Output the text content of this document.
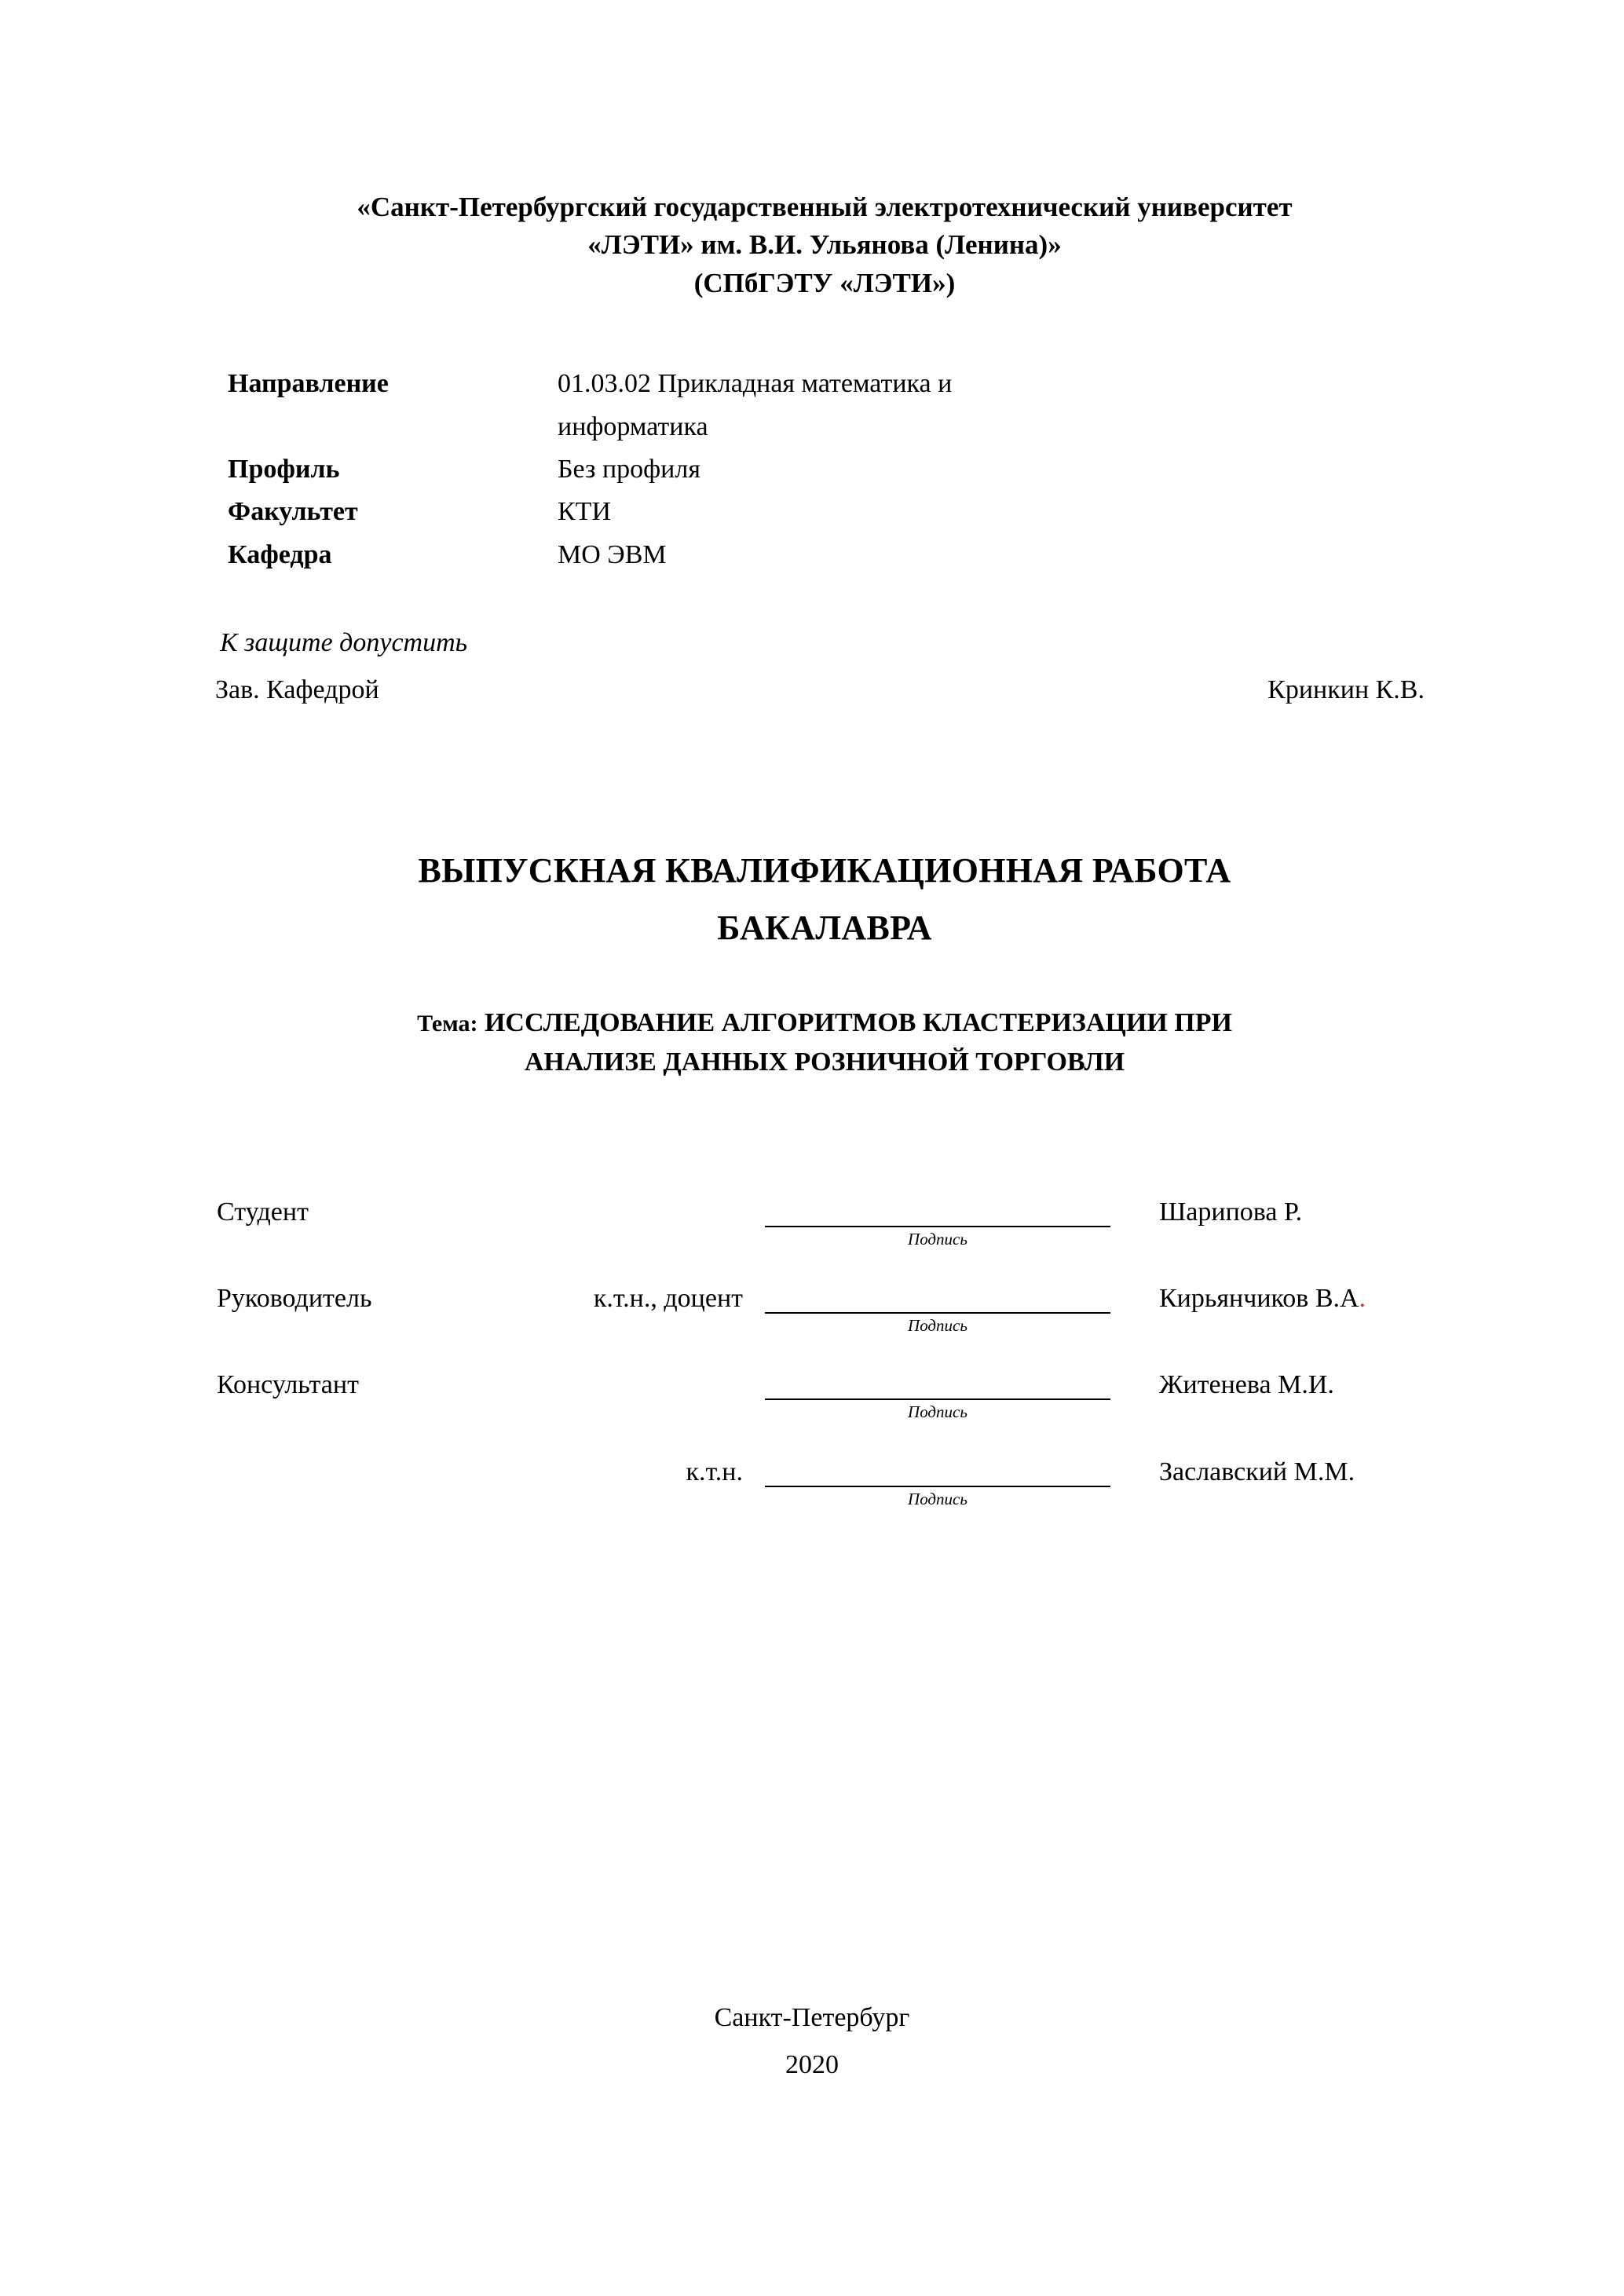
«Санкт-Петербургский государственный электротехнический университет
«ЛЭТИ» им. В.И. Ульянова (Ленина)»
(СПбГЭТУ «ЛЭТИ»)
Направление	01.03.02 Прикладная математика и
информатика

Профиль	Без профиля
Факультет	КТИ
Кафедра	МО ЭВМ
К защите допустить
Зав. Кафедрой	Кринкин К.В.
ВЫПУСКНАЯ КВАЛИФИКАЦИОННАЯ РАБОТА
БАКАЛАВРА
Тема: ИССЛЕДОВАНИЕ АЛГОРИТМОВ КЛАСТЕРИЗАЦИИ ПРИ
АНАЛИЗЕ ДАННЫХ РОЗНИЧНОЙ ТОРГОВЛИ
Студент		Подпись	Шарипова Р.

Руководитель	к.т.н., доцент	Подпись	Кирьянчиков В.А.

Консультант		Подпись	Житенева М.И.

	к.т.н.	Подпись	Заславский М.М.
Санкт-Петербург
2020
